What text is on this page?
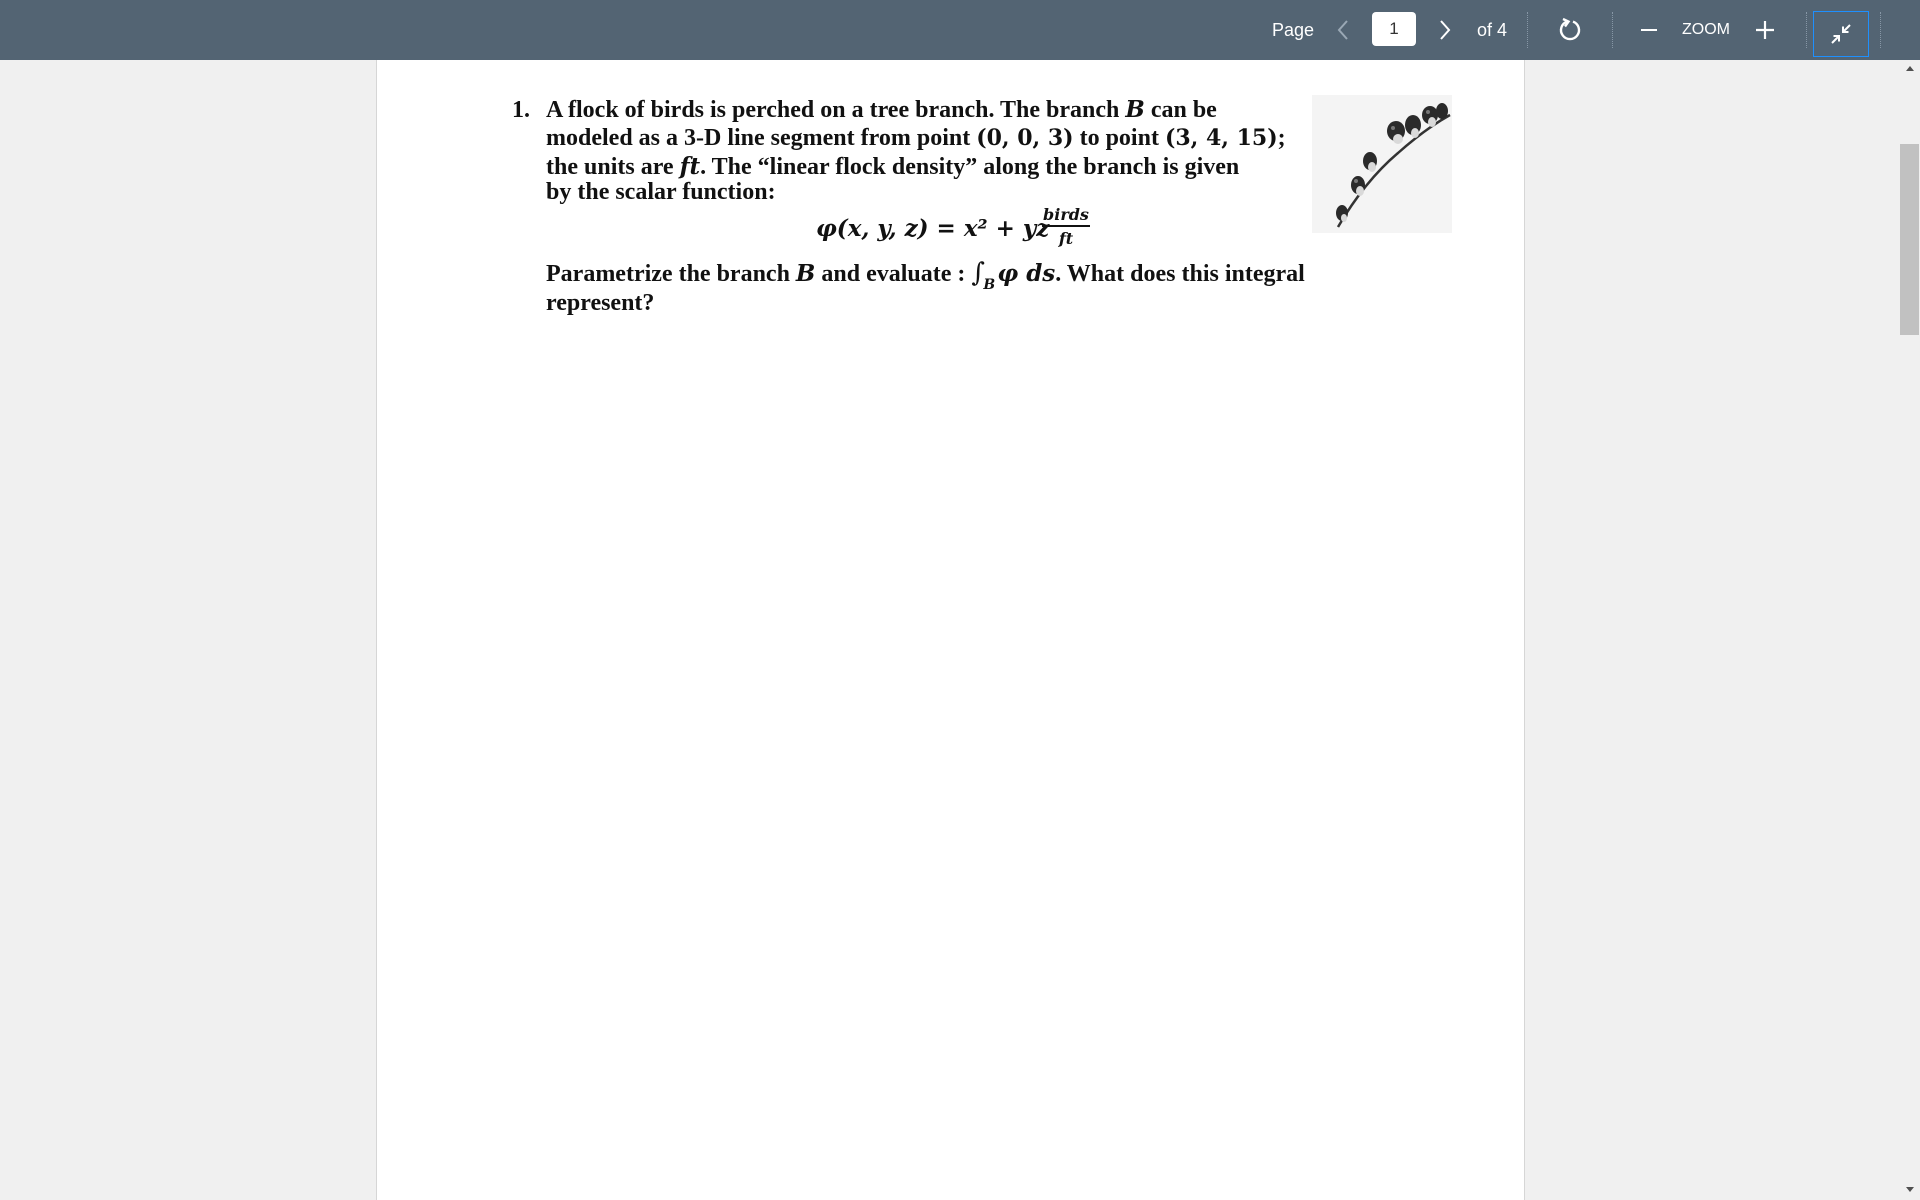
Page
1	of 4	ZOOM
1. A flock of birds is perched on a tree branch. The branch B can be
modeled as a 3-D line segment from point (0, 0, 3) to point (3, 4, 15);
the units are ft. The “linear flock density” along the branch is given
by the scalar function:
φ(x, y, z) = x² + yz
birds
ft
Parametrize the branch B and evaluate : ∫
B φ ds. What does this integral
represent?
